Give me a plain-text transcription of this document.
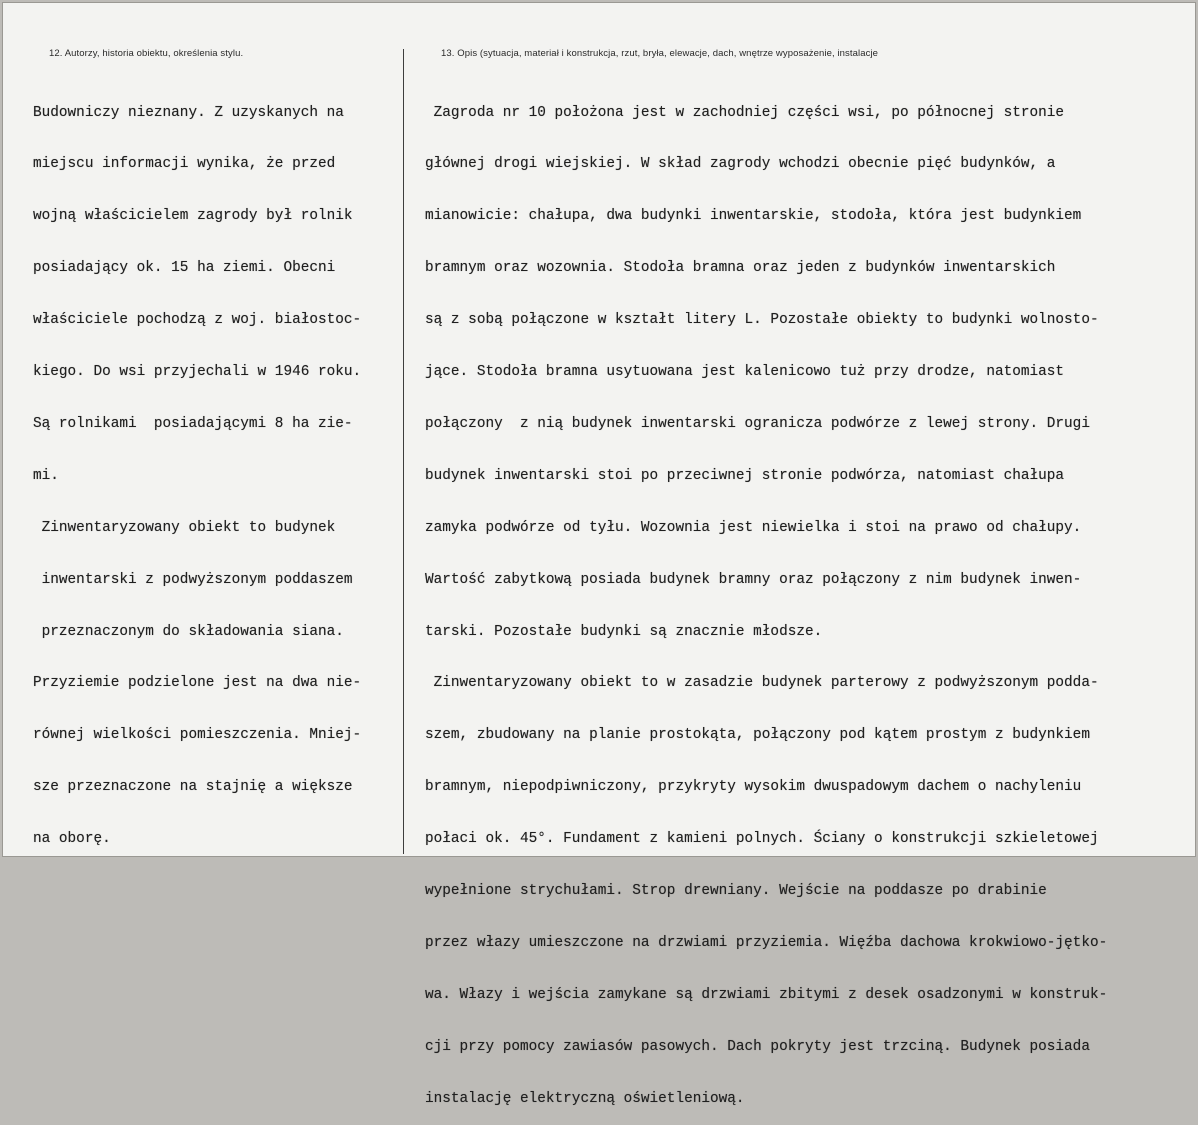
12. Autorzy, historia obiektu, określenia stylu.	13. Opis (sytuacja, materiał i konstrukcja, rzut, bryła, elewacje, dach, wnętrze wyposażenie, instalacje

Budowniczy nieznany. Z uzyskanych na

miejscu informacji wynika, że przed

wojną właścicielem zagrody był rolnik

posiadający ok. 15 ha ziemi. Obecni

właściciele pochodzą z woj. białostoc-

kiego. Do wsi przyjechali w 1946 roku.

Są rolnikami  posiadającymi 8 ha zie-

mi.

Zinwentaryzowany obiekt to budynek

inwentarski z podwyższonym poddaszem

przeznaczonym do składowania siana.

Przyziemie podzielone jest na dwa nie-

równej wielkości pomieszczenia. Mniej-

sze przeznaczone na stajnię a większe

na oborę.

Zagroda nr 10 położona jest w zachodniej części wsi, po północnej stronie

głównej drogi wiejskiej. W skład zagrody wchodzi obecnie pięć budynków, a

mianowicie: chałupa, dwa budynki inwentarskie, stodoła, która jest budynkiem

bramnym oraz wozownia. Stodoła bramna oraz jeden z budynków inwentarskich

są z sobą połączone w kształt litery L. Pozostałe obiekty to budynki wolnosto-

jące. Stodoła bramna usytuowana jest kalenicowo tuż przy drodze, natomiast

połączony  z nią budynek inwentarski ogranicza podwórze z lewej strony. Drugi

budynek inwentarski stoi po przeciwnej stronie podwórza, natomiast chałupa

zamyka podwórze od tyłu. Wozownia jest niewielka i stoi na prawo od chałupy.

Wartość zabytkową posiada budynek bramny oraz połączony z nim budynek inwen-

tarski. Pozostałe budynki są znacznie młodsze.

Zinwentaryzowany obiekt to w zasadzie budynek parterowy z podwyższonym podda-

szem, zbudowany na planie prostokąta, połączony pod kątem prostym z budynkiem

bramnym, niepodpiwniczony, przykryty wysokim dwuspadowym dachem o nachyleniu

połaci ok. 45°. Fundament z kamieni polnych. Ściany o konstrukcji szkieletowej

wypełnione strychułami. Strop drewniany. Wejście na poddasze po drabinie

przez włazy umieszczone na drzwiami przyziemia. Więźba dachowa krokwiowo-jętko-

wa. Włazy i wejścia zamykane są drzwiami zbitymi z desek osadzonymi w konstruk-

cji przy pomocy zawiasów pasowych. Dach pokryty jest trzciną. Budynek posiada

instalację elektryczną oświetleniową.
